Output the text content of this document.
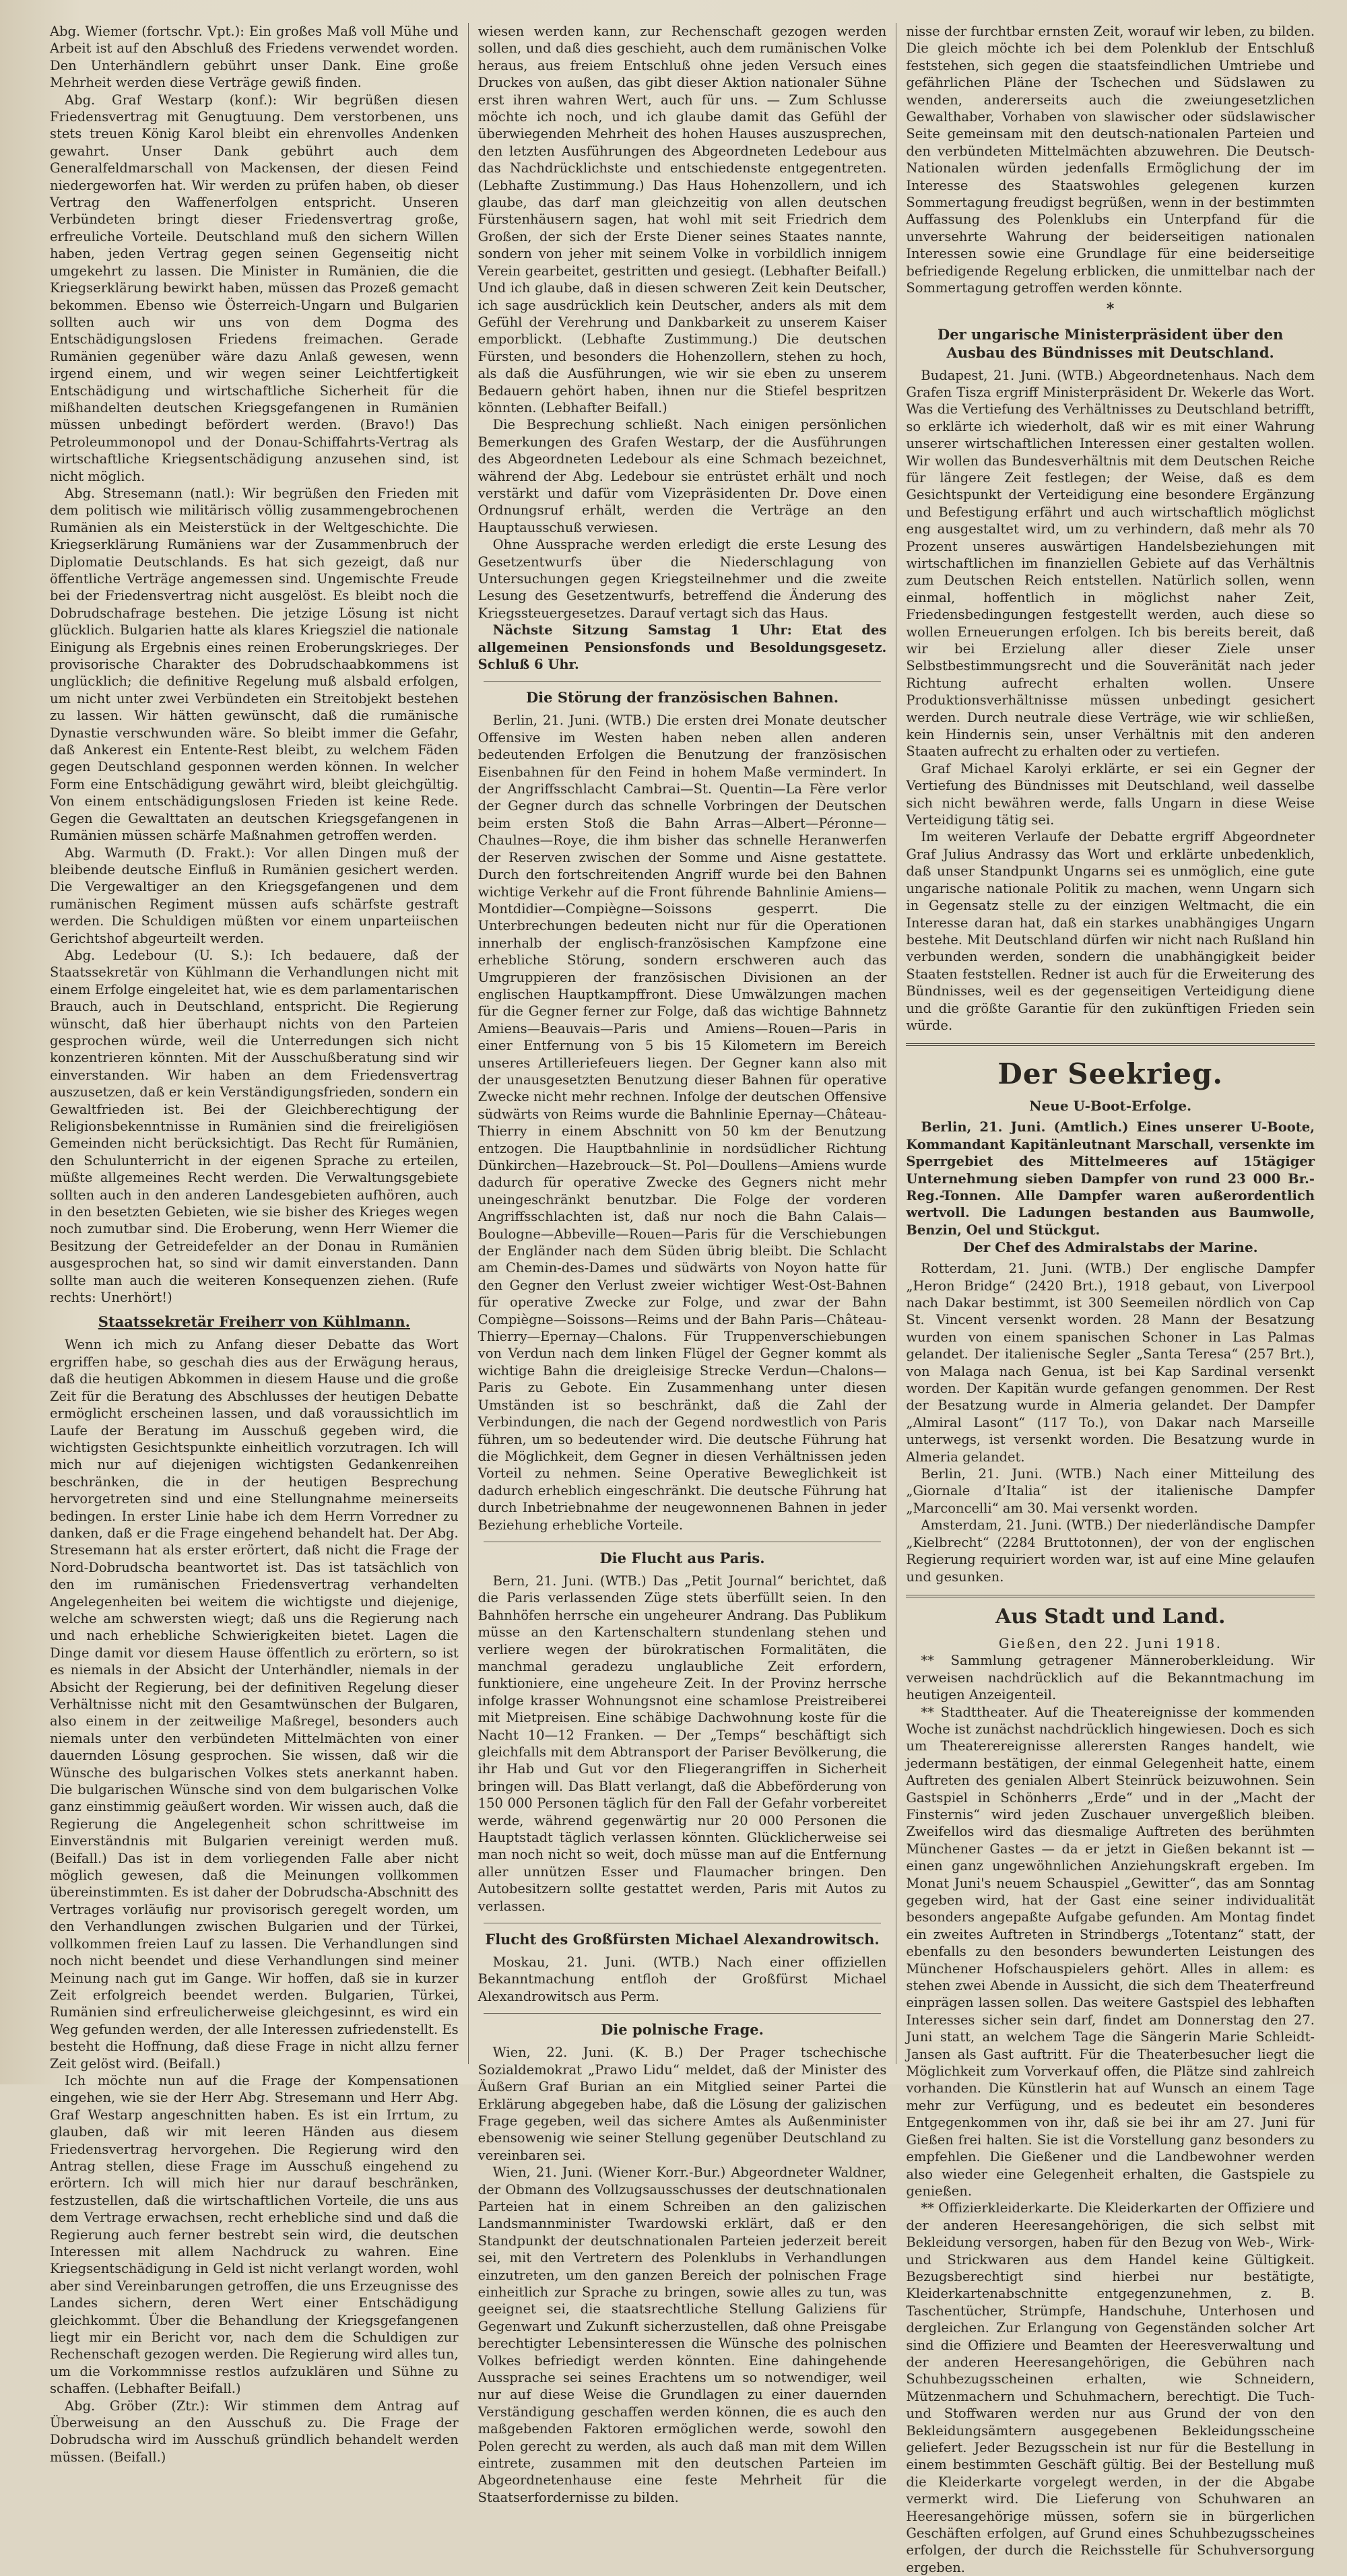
Abg. Wiemer (fortschr. Vpt.): Ein großes Maß voll Mühe und Arbeit ist auf den Abschluß des Friedens verwendet worden. Den Unterhändlern gebührt unser Dank. Eine große Mehrheit werden diese Verträge gewiß finden.

Abg. Graf Westarp (konf.): Wir begrüßen diesen Friedensvertrag mit Genugtuung. Dem verstorbenen, uns stets treuen König Karol bleibt ein ehrenvolles Andenken gewahrt. Unser Dank gebührt auch dem Generalfeldmarschall von Mackensen, der diesen Feind niedergeworfen hat. Wir werden zu prüfen haben, ob dieser Vertrag den Waffenerfolgen entspricht. Unseren Verbündeten bringt dieser Friedensvertrag große, erfreuliche Vorteile. Deutschland muß den sichern Willen haben, jeden Vertrag gegen seinen Gegenseitig nicht umgekehrt zu lassen. Die Minister in Rumänien, die die Kriegserklärung bewirkt haben, müssen das Prozeß gemacht bekommen. Ebenso wie Österreich-Ungarn und Bulgarien sollten auch wir uns von dem Dogma des Entschädigungslosen Friedens freimachen. Gerade Rumänien gegenüber wäre dazu Anlaß gewesen, wenn irgend einem, und wir wegen seiner Leichtfertigkeit Entschädigung und wirtschaftliche Sicherheit für die mißhandelten deutschen Kriegsgefangenen in Rumänien müssen unbedingt befördert werden. (Bravo!) Das Petroleummonopol und der Donau-Schiffahrts-Vertrag als wirtschaftliche Kriegsentschädigung anzusehen sind, ist nicht möglich.

Abg. Stresemann (natl.): Wir begrüßen den Frieden mit dem politisch wie militärisch völlig zusammengebrochenen Rumänien als ein Meisterstück in der Weltgeschichte. Die Kriegserklärung Rumäniens war der Zusammenbruch der Diplomatie Deutschlands. Es hat sich gezeigt, daß nur öffentliche Verträge angemessen sind. Ungemischte Freude bei der Friedensvertrag nicht ausgelöst. Es bleibt noch die Dobrudschafrage bestehen. Die jetzige Lösung ist nicht glücklich. Bulgarien hatte als klares Kriegsziel die nationale Einigung als Ergebnis eines reinen Eroberungskrieges. Der provisorische Charakter des Dobrudschaabkommens ist unglücklich; die definitive Regelung muß alsbald erfolgen, um nicht unter zwei Verbündeten ein Streitobjekt bestehen zu lassen. Wir hätten gewünscht, daß die rumänische Dynastie verschwunden wäre. So bleibt immer die Gefahr, daß Ankerest ein Entente-Rest bleibt, zu welchem Fäden gegen Deutschland gesponnen werden können. In welcher Form eine Entschädigung gewährt wird, bleibt gleichgültig. Von einem entschädigungslosen Frieden ist keine Rede. Gegen die Gewalttaten an deutschen Kriegsgefangenen in Rumänien müssen schärfe Maßnahmen getroffen werden.

Abg. Warmuth (D. Frakt.): Vor allen Dingen muß der bleibende deutsche Einfluß in Rumänien gesichert werden. Die Vergewaltiger an den Kriegsgefangenen und dem rumänischen Regiment müssen aufs schärfste gestraft werden. Die Schuldigen müßten vor einem unparteiischen Gerichtshof abgeurteilt werden.

Abg. Ledebour (U. S.): Ich bedauere, daß der Staatssekretär von Kühlmann die Verhandlungen nicht mit einem Erfolge eingeleitet hat, wie es dem parlamentarischen Brauch, auch in Deutschland, entspricht. Die Regierung wünscht, daß hier überhaupt nichts von den Parteien gesprochen würde, weil die Unterredungen sich nicht konzentrieren könnten. Mit der Ausschußberatung sind wir einverstanden. Wir haben an dem Friedensvertrag auszusetzen, daß er kein Verständigungsfrieden, sondern ein Gewaltfrieden ist. Bei der Gleichberechtigung der Religionsbekenntnisse in Rumänien sind die freireligiösen Gemeinden nicht berücksichtigt. Das Recht für Rumänien, den Schulunterricht in der eigenen Sprache zu erteilen, müßte allgemeines Recht werden. Die Verwaltungsgebiete sollten auch in den anderen Landesgebieten aufhören, auch in den besetzten Gebieten, wie sie bisher des Krieges wegen noch zumutbar sind. Die Eroberung, wenn Herr Wiemer die Besitzung der Getreidefelder an der Donau in Rumänien ausgesprochen hat, so sind wir damit einverstanden. Dann sollte man auch die weiteren Konsequenzen ziehen. (Rufe rechts: Unerhört!)

Staatssekretär Freiherr von Kühlmann.

Wenn ich mich zu Anfang dieser Debatte das Wort ergriffen habe, so geschah dies aus der Erwägung heraus, daß die heutigen Abkommen in diesem Hause und die große Zeit für die Beratung des Abschlusses der heutigen Debatte ermöglicht erscheinen lassen, und daß voraussichtlich im Laufe der Beratung im Ausschuß gegeben wird, die wichtigsten Gesichtspunkte einheitlich vorzutragen. Ich will mich nur auf diejenigen wichtigsten Gedankenreihen beschränken, die in der heutigen Besprechung hervorgetreten sind und eine Stellungnahme meinerseits bedingen. In erster Linie habe ich dem Herrn Vorredner zu danken, daß er die Frage eingehend behandelt hat. Der Abg. Stresemann hat als erster erörtert, daß nicht die Frage der Nord-Dobrudscha beantwortet ist. Das ist tatsächlich von den im rumänischen Friedensvertrag verhandelten Angelegenheiten bei weitem die wichtigste und diejenige, welche am schwersten wiegt; daß uns die Regierung nach und nach erhebliche Schwierigkeiten bietet. Lagen die Dinge damit vor diesem Hause öffentlich zu erörtern, so ist es niemals in der Absicht der Unterhändler, niemals in der Absicht der Regierung, bei der definitiven Regelung dieser Verhältnisse nicht mit den Gesamtwünschen der Bulgaren, also einem in der zeitweilige Maßregel, besonders auch niemals unter den verbündeten Mittelmächten von einer dauernden Lösung gesprochen. Sie wissen, daß wir die Wünsche des bulgarischen Volkes stets anerkannt haben. Die bulgarischen Wünsche sind von dem bulgarischen Volke ganz einstimmig geäußert worden. Wir wissen auch, daß die Regierung die Angelegenheit schon schrittweise im Einverständnis mit Bulgarien vereinigt werden muß. (Beifall.) Das ist in dem vorliegenden Falle aber nicht möglich gewesen, daß die Meinungen vollkommen übereinstimmten. Es ist daher der Dobrudscha-Abschnitt des Vertrages vorläufig nur provisorisch geregelt worden, um den Verhandlungen zwischen Bulgarien und der Türkei, vollkommen freien Lauf zu lassen. Die Verhandlungen sind noch nicht beendet und diese Verhandlungen sind meiner Meinung nach gut im Gange. Wir hoffen, daß sie in kurzer Zeit erfolgreich beendet werden. Bulgarien, Türkei, Rumänien sind erfreulicherweise gleichgesinnt, es wird ein Weg gefunden werden, der alle Interessen zufriedenstellt. Es besteht die Hoffnung, daß diese Frage in nicht allzu ferner Zeit gelöst wird. (Beifall.)

Ich möchte nun auf die Frage der Kompensationen eingehen, wie sie der Herr Abg. Stresemann und Herr Abg. Graf Westarp angeschnitten haben. Es ist ein Irrtum, zu glauben, daß wir mit leeren Händen aus diesem Friedensvertrag hervorgehen. Die Regierung wird den Antrag stellen, diese Frage im Ausschuß eingehend zu erörtern. Ich will mich hier nur darauf beschränken, festzustellen, daß die wirtschaftlichen Vorteile, die uns aus dem Vertrage erwachsen, recht erhebliche sind und daß die Regierung auch ferner bestrebt sein wird, die deutschen Interessen mit allem Nachdruck zu wahren. Eine Kriegsentschädigung in Geld ist nicht verlangt worden, wohl aber sind Vereinbarungen getroffen, die uns Erzeugnisse des Landes sichern, deren Wert einer Entschädigung gleichkommt. Über die Behandlung der Kriegsgefangenen liegt mir ein Bericht vor, nach dem die Schuldigen zur Rechenschaft gezogen werden. Die Regierung wird alles tun, um die Vorkommnisse restlos aufzuklären und Sühne zu schaffen. (Lebhafter Beifall.)

Abg. Gröber (Ztr.): Wir stimmen dem Antrag auf Überweisung an den Ausschuß zu. Die Frage der Dobrudscha wird im Ausschuß gründlich behandelt werden müssen. (Beifall.)

wiesen werden kann, zur Rechenschaft gezogen werden sollen, und daß dies geschieht, auch dem rumänischen Volke heraus, aus freiem Entschluß ohne jeden Versuch eines Druckes von außen, das gibt dieser Aktion nationaler Sühne erst ihren wahren Wert, auch für uns. — Zum Schlusse möchte ich noch, und ich glaube damit das Gefühl der überwiegenden Mehrheit des hohen Hauses auszusprechen, den letzten Ausführungen des Abgeordneten Ledebour aus das Nachdrücklichste und entschiedenste entgegentreten. (Lebhafte Zustimmung.) Das Haus Hohenzollern, und ich glaube, das darf man gleichzeitig von allen deutschen Fürstenhäusern sagen, hat wohl mit seit Friedrich dem Großen, der sich der Erste Diener seines Staates nannte, sondern von jeher mit seinem Volke in vorbildlich innigem Verein gearbeitet, gestritten und gesiegt. (Lebhafter Beifall.) Und ich glaube, daß in diesen schweren Zeit kein Deutscher, ich sage ausdrücklich kein Deutscher, anders als mit dem Gefühl der Verehrung und Dankbarkeit zu unserem Kaiser emporblickt. (Lebhafte Zustimmung.) Die deutschen Fürsten, und besonders die Hohenzollern, stehen zu hoch, als daß die Ausführungen, wie wir sie eben zu unserem Bedauern gehört haben, ihnen nur die Stiefel bespritzen könnten. (Lebhafter Beifall.)

Die Besprechung schließt. Nach einigen persönlichen Bemerkungen des Grafen Westarp, der die Ausführungen des Abgeordneten Ledebour als eine Schmach bezeichnet, während der Abg. Ledebour sie entrüstet erhält und noch verstärkt und dafür vom Vizepräsidenten Dr. Dove einen Ordnungsruf erhält, werden die Verträge an den Hauptausschuß verwiesen.

Ohne Aussprache werden erledigt die erste Lesung des Gesetzentwurfs über die Niederschlagung von Untersuchungen gegen Kriegsteilnehmer und die zweite Lesung des Gesetzentwurfs, betreffend die Änderung des Kriegssteuergesetzes. Darauf vertagt sich das Haus.

Nächste Sitzung Samstag 1 Uhr: Etat des allgemeinen Pensionsfonds und Besoldungsgesetz. Schluß 6 Uhr.

Die Störung der französischen Bahnen.

Berlin, 21. Juni. (WTB.) Die ersten drei Monate deutscher Offensive im Westen haben neben allen anderen bedeutenden Erfolgen die Benutzung der französischen Eisenbahnen für den Feind in hohem Maße vermindert. In der Angriffsschlacht Cambrai—St. Quentin—La Fère verlor der Gegner durch das schnelle Vorbringen der Deutschen beim ersten Stoß die Bahn Arras—Albert—Péronne—Chaulnes—Roye, die ihm bisher das schnelle Heranwerfen der Reserven zwischen der Somme und Aisne gestattete. Durch den fortschreitenden Angriff wurde bei den Bahnen wichtige Verkehr auf die Front führende Bahnlinie Amiens—Montdidier—Compiègne—Soissons gesperrt. Die Unterbrechungen bedeuten nicht nur für die Operationen innerhalb der englisch-französischen Kampfzone eine erhebliche Störung, sondern erschweren auch das Umgruppieren der französischen Divisionen an der englischen Hauptkampffront. Diese Umwälzungen machen für die Gegner ferner zur Folge, daß das wichtige Bahnnetz Amiens—Beauvais—Paris und Amiens—Rouen—Paris in einer Entfernung von 5 bis 15 Kilometern im Bereich unseres Artilleriefeuers liegen. Der Gegner kann also mit der unausgesetzten Benutzung dieser Bahnen für operative Zwecke nicht mehr rechnen. Infolge der deutschen Offensive südwärts von Reims wurde die Bahnlinie Epernay—Château-Thierry in einem Abschnitt von 50 km der Benutzung entzogen. Die Hauptbahnlinie in nordsüdlicher Richtung Dünkirchen—Hazebrouck—St. Pol—Doullens—Amiens wurde dadurch für operative Zwecke des Gegners nicht mehr uneingeschränkt benutzbar. Die Folge der vorderen Angriffsschlachten ist, daß nur noch die Bahn Calais—Boulogne—Abbeville—Rouen—Paris für die Verschiebungen der Engländer nach dem Süden übrig bleibt. Die Schlacht am Chemin-des-Dames und südwärts von Noyon hatte für den Gegner den Verlust zweier wichtiger West-Ost-Bahnen für operative Zwecke zur Folge, und zwar der Bahn Compiègne—Soissons—Reims und der Bahn Paris—Château-Thierry—Epernay—Chalons. Für Truppenverschiebungen von Verdun nach dem linken Flügel der Gegner kommt als wichtige Bahn die dreigleisige Strecke Verdun—Chalons—Paris zu Gebote. Ein Zusammenhang unter diesen Umständen ist so beschränkt, daß die Zahl der Verbindungen, die nach der Gegend nordwestlich von Paris führen, um so bedeutender wird. Die deutsche Führung hat die Möglichkeit, dem Gegner in diesen Verhältnissen jeden Vorteil zu nehmen. Seine Operative Beweglichkeit ist dadurch erheblich eingeschränkt. Die deutsche Führung hat durch Inbetriebnahme der neugewonnenen Bahnen in jeder Beziehung erhebliche Vorteile.

Die Flucht aus Paris.

Bern, 21. Juni. (WTB.) Das „Petit Journal“ berichtet, daß die Paris verlassenden Züge stets überfüllt seien. In den Bahnhöfen herrsche ein ungeheurer Andrang. Das Publikum müsse an den Kartenschaltern stundenlang stehen und verliere wegen der bürokratischen Formalitäten, die manchmal geradezu unglaubliche Zeit erfordern, funktioniere, eine ungeheure Zeit. In der Provinz herrsche infolge krasser Wohnungsnot eine schamlose Preistreiberei mit Mietpreisen. Eine schäbige Dachwohnung koste für die Nacht 10—12 Franken. — Der „Temps“ beschäftigt sich gleichfalls mit dem Abtransport der Pariser Bevölkerung, die ihr Hab und Gut vor den Fliegerangriffen in Sicherheit bringen will. Das Blatt verlangt, daß die Abbeförderung von 150 000 Personen täglich für den Fall der Gefahr vorbereitet werde, während gegenwärtig nur 20 000 Personen die Hauptstadt täglich verlassen könnten. Glücklicherweise sei man noch nicht so weit, doch müsse man auf die Entfernung aller unnützen Esser und Flaumacher bringen. Den Autobesitzern sollte gestattet werden, Paris mit Autos zu verlassen.

Flucht des Großfürsten Michael Alexandrowitsch.

Moskau, 21. Juni. (WTB.) Nach einer offiziellen Bekanntmachung entfloh der Großfürst Michael Alexandrowitsch aus Perm.

Die polnische Frage.

Wien, 22. Juni. (K. B.) Der Prager tschechische Sozialdemokrat „Prawo Lidu“ meldet, daß der Minister des Äußern Graf Burian an ein Mitglied seiner Partei die Erklärung abgegeben habe, daß die Lösung der galizischen Frage gegeben, weil das sichere Amtes als Außenminister ebensowenig wie seiner Stellung gegenüber Deutschland zu vereinbaren sei.

Wien, 21. Juni. (Wiener Korr.-Bur.) Abgeordneter Waldner, der Obmann des Vollzugsausschusses der deutschnationalen Parteien hat in einem Schreiben an den galizischen Landsmannminister Twardowski erklärt, daß er den Standpunkt der deutschnationalen Parteien jederzeit bereit sei, mit den Vertretern des Polenklubs in Verhandlungen einzutreten, um den ganzen Bereich der polnischen Frage einheitlich zur Sprache zu bringen, sowie alles zu tun, was geeignet sei, die staatsrechtliche Stellung Galiziens für Gegenwart und Zukunft sicherzustellen, daß ohne Preisgabe berechtigter Lebensinteressen die Wünsche des polnischen Volkes befriedigt werden könnten. Eine dahingehende Aussprache sei seines Erachtens um so notwendiger, weil nur auf diese Weise die Grundlagen zu einer dauernden Verständigung geschaffen werden können, die es auch den maßgebenden Faktoren ermöglichen werde, sowohl den Polen gerecht zu werden, als auch daß man mit dem Willen eintrete, zusammen mit den deutschen Parteien im Abgeordnetenhause eine feste Mehrheit für die Staatserfordernisse zu bilden.

nisse der furchtbar ernsten Zeit, worauf wir leben, zu bilden. Die gleich möchte ich bei dem Polenklub der Entschluß feststehen, sich gegen die staatsfeindlichen Umtriebe und gefährlichen Pläne der Tschechen und Südslawen zu wenden, andererseits auch die zweiungesetzlichen Gewalthaber, Vorhaben von slawischer oder südslawischer Seite gemeinsam mit den deutsch-nationalen Parteien und den verbündeten Mittelmächten abzuwehren. Die Deutsch-Nationalen würden jedenfalls Ermöglichung der im Interesse des Staatswohles gelegenen kurzen Sommertagung freudigst begrüßen, wenn in der bestimmten Auffassung des Polenklubs ein Unterpfand für die unversehrte Wahrung der beiderseitigen nationalen Interessen sowie eine Grundlage für eine beiderseitige befriedigende Regelung erblicken, die unmittelbar nach der Sommertagung getroffen werden könnte.

*
Der ungarische Ministerpräsident über den Ausbau des Bündnisses mit Deutschland.

Budapest, 21. Juni. (WTB.) Abgeordnetenhaus. Nach dem Grafen Tisza ergriff Ministerpräsident Dr. Wekerle das Wort. Was die Vertiefung des Verhältnisses zu Deutschland betrifft, so erklärte ich wiederholt, daß wir es mit einer Wahrung unserer wirtschaftlichen Interessen einer gestalten wollen. Wir wollen das Bundesverhältnis mit dem Deutschen Reiche für längere Zeit festlegen; der Weise, daß es dem Gesichtspunkt der Verteidigung eine besondere Ergänzung und Befestigung erfährt und auch wirtschaftlich möglichst eng ausgestaltet wird, um zu verhindern, daß mehr als 70 Prozent unseres auswärtigen Handelsbeziehungen mit wirtschaftlichen im finanziellen Gebiete auf das Verhältnis zum Deutschen Reich entstellen. Natürlich sollen, wenn einmal, hoffentlich in möglichst naher Zeit, Friedensbedingungen festgestellt werden, auch diese so wollen Erneuerungen erfolgen. Ich bis bereits bereit, daß wir bei Erzielung aller dieser Ziele unser Selbstbestimmungsrecht und die Souveränität nach jeder Richtung aufrecht erhalten wollen. Unsere Produktionsverhältnisse müssen unbedingt gesichert werden. Durch neutrale diese Verträge, wie wir schließen, kein Hindernis sein, unser Verhältnis mit den anderen Staaten aufrecht zu erhalten oder zu vertiefen.

Graf Michael Karolyi erklärte, er sei ein Gegner der Vertiefung des Bündnisses mit Deutschland, weil dasselbe sich nicht bewähren werde, falls Ungarn in diese Weise Verteidigung tätig sei.

Im weiteren Verlaufe der Debatte ergriff Abgeordneter Graf Julius Andrassy das Wort und erklärte unbedenklich, daß unser Standpunkt Ungarns sei es unmöglich, eine gute ungarische nationale Politik zu machen, wenn Ungarn sich in Gegensatz stelle zu der einzigen Weltmacht, die ein Interesse daran hat, daß ein starkes unabhängiges Ungarn bestehe. Mit Deutschland dürfen wir nicht nach Rußland hin verbunden werden, sondern die unabhängigkeit beider Staaten feststellen. Redner ist auch für die Erweiterung des Bündnisses, weil es der gegenseitigen Verteidigung diene und die größte Garantie für den zukünftigen Frieden sein würde.

Der Seekrieg.
Neue U-Boot-Erfolge.

Berlin, 21. Juni. (Amtlich.) Eines unserer U-Boote, Kommandant Kapitänleutnant Marschall, versenkte im Sperrgebiet des Mittelmeeres auf 15tägiger Unternehmung sieben Dampfer von rund 23 000 Br.-Reg.-Tonnen. Alle Dampfer waren außerordentlich wertvoll. Die Ladungen bestanden aus Baumwolle, Benzin, Oel und Stückgut.

Der Chef des Admiralstabs der Marine.

Rotterdam, 21. Juni. (WTB.) Der englische Dampfer „Heron Bridge“ (2420 Brt.), 1918 gebaut, von Liverpool nach Dakar bestimmt, ist 300 Seemeilen nördlich von Cap St. Vincent versenkt worden. 28 Mann der Besatzung wurden von einem spanischen Schoner in Las Palmas gelandet. Der italienische Segler „Santa Teresa“ (257 Brt.), von Malaga nach Genua, ist bei Kap Sardinal versenkt worden. Der Kapitän wurde gefangen genommen. Der Rest der Besatzung wurde in Almeria gelandet. Der Dampfer „Almiral Lasont“ (117 To.), von Dakar nach Marseille unterwegs, ist versenkt worden. Die Besatzung wurde in Almeria gelandet.

Berlin, 21. Juni. (WTB.) Nach einer Mitteilung des „Giornale d’Italia“ ist der italienische Dampfer „Marconcelli“ am 30. Mai versenkt worden.

Amsterdam, 21. Juni. (WTB.) Der niederländische Dampfer „Kielbrecht“ (2284 Bruttotonnen), der von der englischen Regierung requiriert worden war, ist auf eine Mine gelaufen und gesunken.

Aus Stadt und Land.

Gießen, den 22. Juni 1918.

** Sammlung getragener Männeroberkleidung. Wir verweisen nachdrücklich auf die Bekanntmachung im heutigen Anzeigenteil.

** Stadttheater. Auf die Theatereignisse der kommenden Woche ist zunächst nachdrücklich hingewiesen. Doch es sich um Theaterereignisse allerersten Ranges handelt, wie jedermann bestätigen, der einmal Gelegenheit hatte, einem Auftreten des genialen Albert Steinrück beizuwohnen. Sein Gastspiel in Schönherrs „Erde“ und in der „Macht der Finsternis“ wird jeden Zuschauer unvergeßlich bleiben. Zweifellos wird das diesmalige Auftreten des berühmten Münchener Gastes — da er jetzt in Gießen bekannt ist — einen ganz ungewöhnlichen Anziehungskraft ergeben. Im Monat Juni's neuem Schauspiel „Gewitter“, das am Sonntag gegeben wird, hat der Gast eine seiner individualität besonders angepaßte Aufgabe gefunden. Am Montag findet ein zweites Auftreten in Strindbergs „Totentanz“ statt, der ebenfalls zu den besonders bewunderten Leistungen des Münchener Hofschauspielers gehört. Alles in allem: es stehen zwei Abende in Aussicht, die sich dem Theaterfreund einprägen lassen sollen. Das weitere Gastspiel des lebhaften Interesses sicher sein darf, findet am Donnerstag den 27. Juni statt, an welchem Tage die Sängerin Marie Schleidt-Jansen als Gast auftritt. Für die Theaterbesucher liegt die Möglichkeit zum Vorverkauf offen, die Plätze sind zahlreich vorhanden. Die Künstlerin hat auf Wunsch an einem Tage mehr zur Verfügung, und es bedeutet ein besonderes Entgegenkommen von ihr, daß sie bei ihr am 27. Juni für Gießen frei halten. Sie ist die Vorstellung ganz besonders zu empfehlen. Die Gießener und die Landbewohner werden also wieder eine Gelegenheit erhalten, die Gastspiele zu genießen.

** Offizierkleiderkarte. Die Kleiderkarten der Offiziere und der anderen Heeresangehörigen, die sich selbst mit Bekleidung versorgen, haben für den Bezug von Web-, Wirk- und Strickwaren aus dem Handel keine Gültigkeit. Bezugsberechtigt sind hierbei nur bestätigte, Kleiderkartenabschnitte entgegenzunehmen, z. B. Taschentücher, Strümpfe, Handschuhe, Unterhosen und dergleichen. Zur Erlangung von Gegenständen solcher Art sind die Offiziere und Beamten der Heeresverwaltung und der anderen Heeresangehörigen, die Gebühren nach Schuhbezugsscheinen erhalten, wie Schneidern, Mützenmachern und Schuhmachern, berechtigt. Die Tuch- und Stoffwaren werden nur aus Grund der von den Bekleidungsämtern ausgegebenen Bekleidungsscheine geliefert. Jeder Bezugsschein ist nur für die Bestellung in einem bestimmten Geschäft gültig. Bei der Bestellung muß die Kleiderkarte vorgelegt werden, in der die Abgabe vermerkt wird. Die Lieferung von Schuhwaren an Heeresangehörige müssen, sofern sie in bürgerlichen Geschäften erfolgen, auf Grund eines Schuhbezugsscheines erfolgen, der durch die Reichsstelle für Schuhversorgung ergeben.
